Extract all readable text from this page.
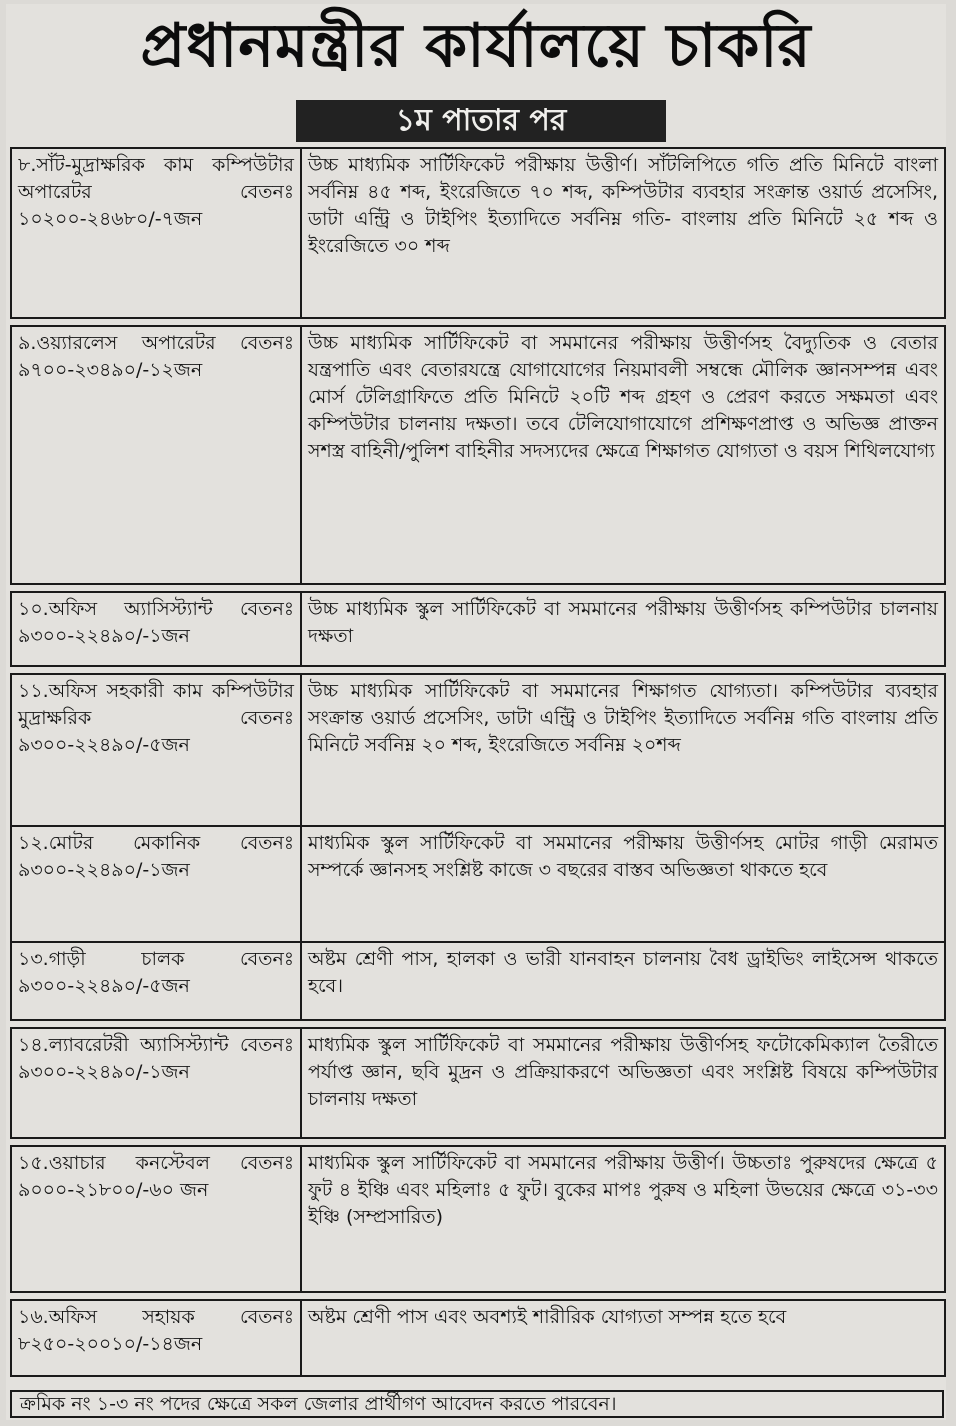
প্রধানমন্ত্রীর কার্যালয়ে চাকরি
১ম পাতার পর
৮.সাঁট-মুদ্রাক্ষরিক কাম কম্পিউটার অপারেটর বেতনঃ ১০২০০-২৪৬৮০/-৭জন	উচ্চ মাধ্যমিক সার্টিফিকেট পরীক্ষায় উত্তীর্ণ। সাঁটলিপিতে গতি প্রতি মিনিটে বাংলা সর্বনিম্ন ৪৫ শব্দ, ইংরেজিতে ৭০ শব্দ, কম্পিউটার ব্যবহার সংক্রান্ত ওয়ার্ড প্রসেসিং, ডাটা এন্ট্রি ও টাইপিং ইত্যাদিতে সর্বনিম্ন গতি- বাংলায় প্রতি মিনিটে ২৫ শব্দ ও ইংরেজিতে ৩০ শব্দ

৯.ওয়্যারলেস অপারেটর বেতনঃ ৯৭০০-২৩৪৯০/-১২জন	উচ্চ মাধ্যমিক সার্টিফিকেট বা সমমানের পরীক্ষায় উত্তীর্ণসহ বৈদ্যুতিক ও বেতার যন্ত্রপাতি এবং বেতারযন্ত্রে যোগাযোগের নিয়মাবলী সম্বন্ধে মৌলিক জ্ঞানসম্পন্ন এবং মোর্স টেলিগ্রাফিতে প্রতি মিনিটে ২০টি শব্দ গ্রহণ ও প্রেরণ করতে সক্ষমতা এবং কম্পিউটার চালনায় দক্ষতা। তবে টেলিযোগাযোগে প্রশিক্ষণপ্রাপ্ত ও অভিজ্ঞ প্রাক্তন সশস্ত্র বাহিনী/পুলিশ বাহিনীর সদস্যদের ক্ষেত্রে শিক্ষাগত যোগ্যতা ও বয়স শিথিলযোগ্য

১০.অফিস অ্যাসিস্ট্যান্ট বেতনঃ ৯৩০০-২২৪৯০/-১জন	উচ্চ মাধ্যমিক স্কুল সার্টিফিকেট বা সমমানের পরীক্ষায় উত্তীর্ণসহ কম্পিউটার চালনায় দক্ষতা

১১.অফিস সহকারী কাম কম্পিউটার মুদ্রাক্ষরিক বেতনঃ ৯৩০০-২২৪৯০/-৫জন	উচ্চ মাধ্যমিক সার্টিফিকেট বা সমমানের শিক্ষাগত যোগ্যতা। কম্পিউটার ব্যবহার সংক্রান্ত ওয়ার্ড প্রসেসিং, ডাটা এন্ট্রি ও টাইপিং ইত্যাদিতে সর্বনিম্ন গতি বাংলায় প্রতি মিনিটে সর্বনিম্ন ২০ শব্দ, ইংরেজিতে সর্বনিম্ন ২০শব্দ
১২.মোটর মেকানিক বেতনঃ ৯৩০০-২২৪৯০/-১জন	মাধ্যমিক স্কুল সার্টিফিকেট বা সমমানের পরীক্ষায় উত্তীর্ণসহ মোটর গাড়ী মেরামত সম্পর্কে জ্ঞানসহ সংশ্লিষ্ট কাজে ৩ বছরের বাস্তব অভিজ্ঞতা থাকতে হবে
১৩.গাড়ী চালক বেতনঃ ৯৩০০-২২৪৯০/-৫জন	অষ্টম শ্রেণী পাস, হালকা ও ভারী যানবাহন চালনায় বৈধ ড্রাইভিং লাইসেন্স থাকতে হবে।

১৪.ল্যাবরেটরী অ্যাসিস্ট্যান্ট বেতনঃ ৯৩০০-২২৪৯০/-১জন	মাধ্যমিক স্কুল সার্টিফিকেট বা সমমানের পরীক্ষায় উত্তীর্ণসহ ফটোকেমিক্যাল তৈরীতে পর্যাপ্ত জ্ঞান, ছবি মুদ্রন ও প্রক্রিয়াকরণে অভিজ্ঞতা এবং সংশ্লিষ্ট বিষয়ে কম্পিউটার চালনায় দক্ষতা

১৫.ওয়াচার কনস্টেবল বেতনঃ ৯০০০-২১৮০০/-৬০ জন	মাধ্যমিক স্কুল সার্টিফিকেট বা সমমানের পরীক্ষায় উত্তীর্ণ। উচ্চতাঃ পুরুষদের ক্ষেত্রে ৫ ফুট ৪ ইঞ্চি এবং মহিলাঃ ৫ ফুট। বুকের মাপঃ পুরুষ ও মহিলা উভয়ের ক্ষেত্রে ৩১-৩৩ ইঞ্চি (সম্প্রসারিত)

১৬.অফিস সহায়ক বেতনঃ ৮২৫০-২০০১০/-১৪জন	অষ্টম শ্রেণী পাস এবং অবশ্যই শারীরিক যোগ্যতা সম্পন্ন হতে হবে
ক্রমিক নং ১-৩ নং পদের ক্ষেত্রে সকল জেলার প্রার্থীগণ আবেদন করতে পারবেন।
